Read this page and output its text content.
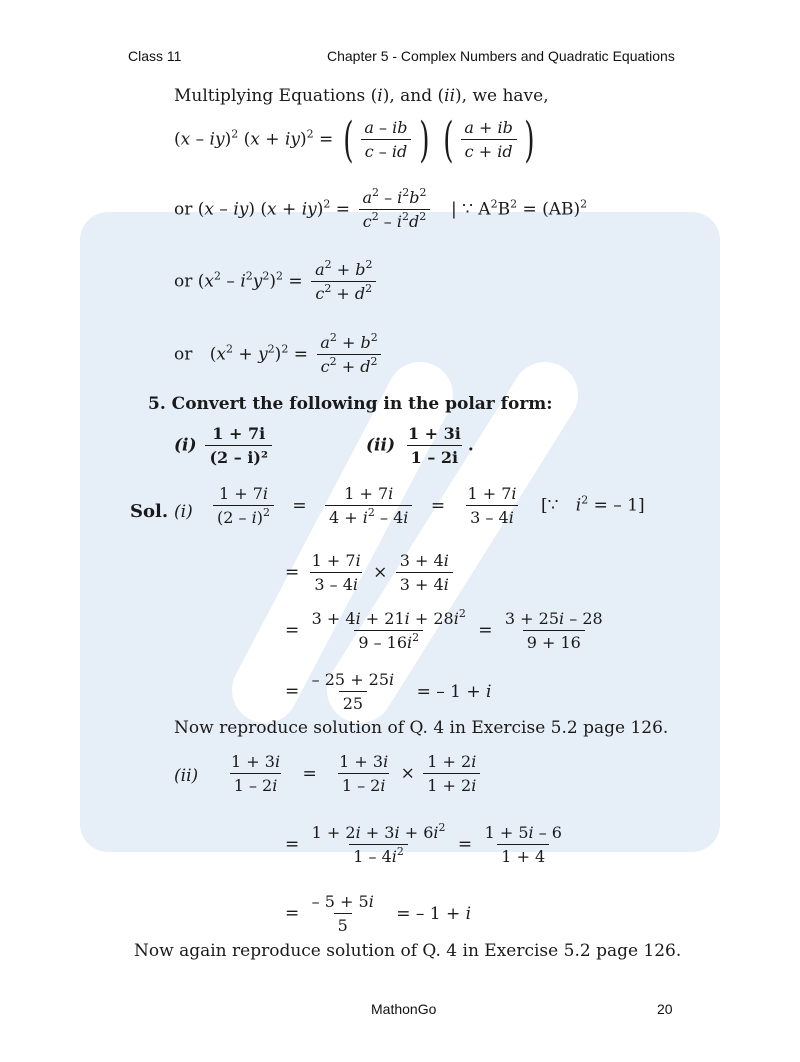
Class 11	Chapter 5 - Complex Numbers and Quadratic Equations
Multiplying Equations (i), and (ii), we have,
(x – iy)$^2$ (x + iy)$^2$ = ( $\frac{a - ib}{c - id}$ )
( $\frac{a + ib}{c + id}$ )
or (x – iy) $(x + iy)^2 = \frac{a^2 - i^2b^2}{c^2 - i^2d^2}$ | ∵ $A^2B^2 = (AB)^2$
or $(x^2 - i^2y^2)^2 = \frac{a^2 + b^2}{c^2 + d^2}$
or $(x^2 + y^2)^2 = \frac{a^2 + b^2}{c^2 + d^2}$
5. Convert the following in the polar form:
$(i) \frac{1 + 7i}{\text{(2 – i)²}}$	$(ii) \frac{1 + 3i}{1 - 2i}$ .
Sol. $(i) \frac{1 + 7i}{(2 - i)^2} = \frac{1 + 7i}{4 + i^2 - 4i} = \frac{1 + 7i}{3 - 4i}$ [∵ $i^2$ = – 1]
= $\frac{1 + 7i}{3 - 4i} \times \frac{3 + 4i}{3 + 4i}$
= $\frac{3 + 4i + 21i + 28i^2}{9 - 16i^2} = \frac{3 + 25i - 28}{9 + 16}$
= $\frac{- 25 + 25i}{25}$ = – 1 + i
Now reproduce solution of Q. 4 in Exercise 5.2 page 126.
$(ii) \frac{1 + 3i}{1 - 2i} = \frac{1 + 3i}{1 - 2i} \times \frac{1 + 2i}{1 + 2i}$
= $\frac{1 + 2i + 3i + 6i^2}{1 - 4i^2} = \frac{1 + 5i - 6}{1 + 4}$
= $\frac{- 5 + 5i}{5}$ = – 1 + i
Now again reproduce solution of Q. 4 in Exercise 5.2 page 126.
MathonGo	20
